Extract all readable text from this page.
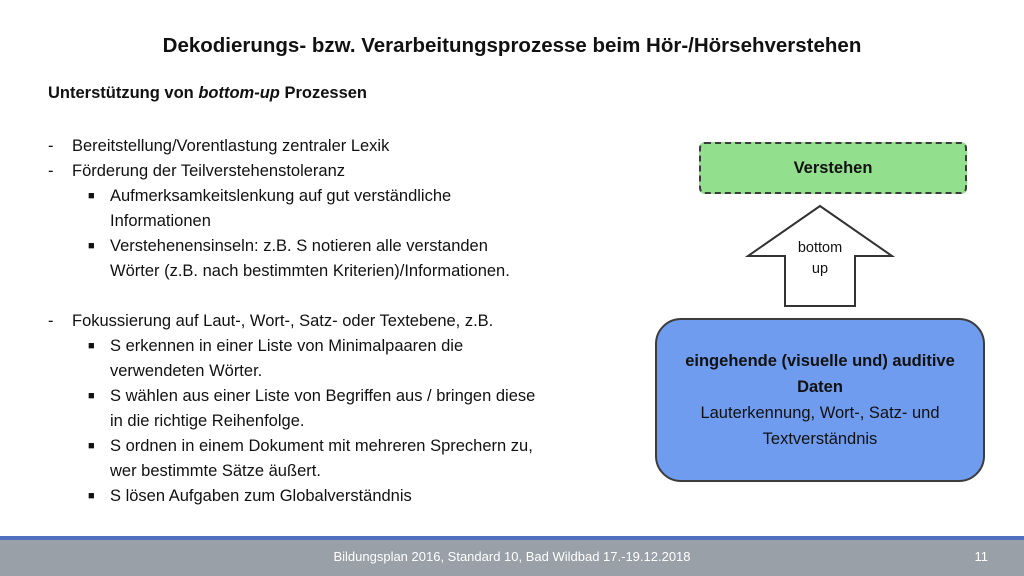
Dekodierungs- bzw. Verarbeitungsprozesse beim Hör-/Hörsehverstehen
Unterstützung von bottom-up Prozessen
-	Bereitstellung/Vorentlastung zentraler Lexik
-	Förderung der Teilverstehenstoleranz
■ Aufmerksamkeitslenkung auf gut verständliche
Informationen
■ Verstehenensinseln: z.B. S notieren alle verstanden
Wörter (z.B. nach bestimmten Kriterien)/Informationen.
-	Fokussierung auf Laut-, Wort-, Satz- oder Textebene, z.B.
■ S erkennen in einer Liste von Minimalpaaren die
verwendeten Wörter.
■ S wählen aus einer Liste von Begriffen aus / bringen diese
in die richtige Reihenfolge.
■ S ordnen in einem Dokument mit mehreren Sprechern zu,
wer bestimmte Sätze äußert.
■ S lösen Aufgaben zum Globalverständnis
Verstehen
bottom
up
eingehende (visuelle und) auditive
Daten
Lauterkennung, Wort-, Satz- und
Textverständnis
Bildungsplan 2016, Standard 10, Bad Wildbad 17.-19.12.2018	11
